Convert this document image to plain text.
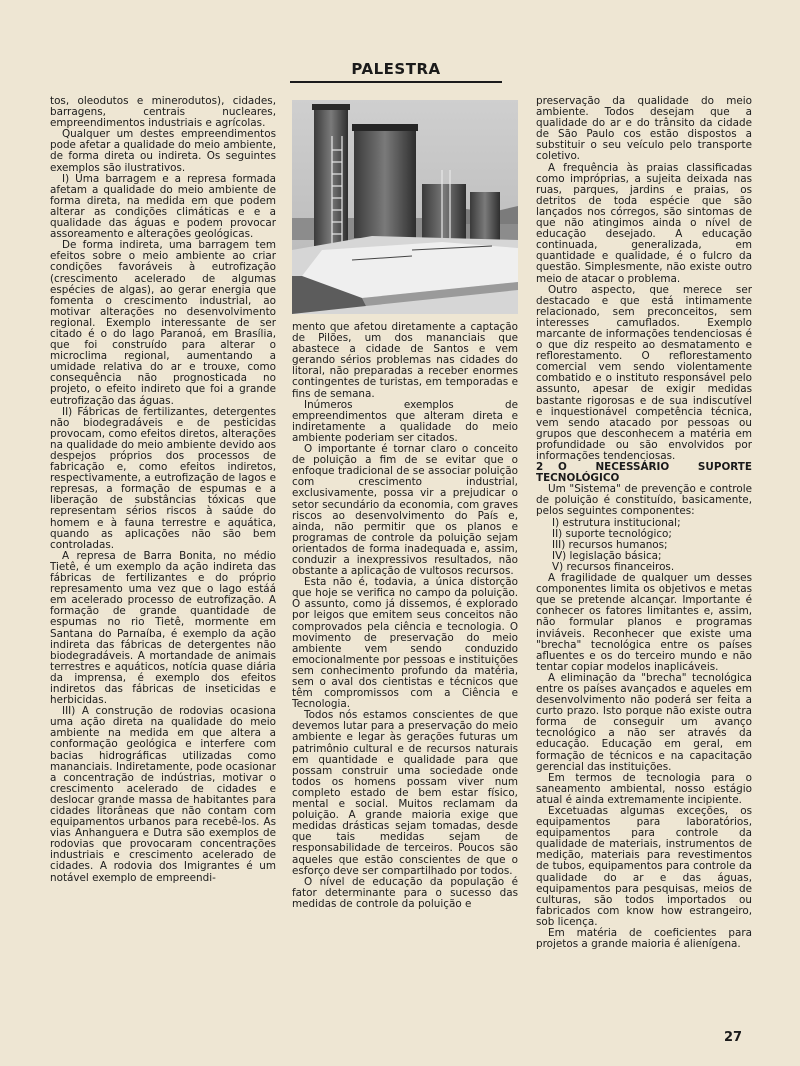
PALESTRA

tos, oleodutos e minerodutos), cidades, barragens, centrais nucleares, empreendimentos industriais e agrícolas.

Qualquer um destes empreendimentos pode afetar a qualidade do meio ambiente, de forma direta ou indireta. Os seguintes exemplos são ilustrativos.

I) Uma barragem e a represa formada afetam a qualidade do meio ambiente de forma direta, na medida em que podem alterar as condições climáticas e e a qualidade das águas e podem provocar assoreamento e alterações geológicas.

De forma indireta, uma barragem tem efeitos sobre o meio ambiente ao criar condições favoráveis à eutrofização (crescimento acelerado de algumas espécies de algas), ao gerar energia que fomenta o crescimento industrial, ao motivar alterações no desenvolvimento regional. Exemplo interessante de ser citado é o do lago Paranoá, em Brasília, que foi construído para alterar o microclima regional, aumentando a umidade relativa do ar e trouxe, como consequência não prognosticada no projeto, o efeito indireto que foi a grande eutrofização das águas.

II) Fábricas de fertilizantes, detergentes não biodegradáveis e de pesticidas provocam, como efeitos diretos, alterações na qualidade do meio ambiente devido aos despejos próprios dos processos de fabricação e, como efeitos indiretos, respectivamente, a eutrofização de lagos e represas, a formação de espumas e a liberação de substâncias tóxicas que representam sérios riscos à saúde do homem e à fauna terrestre e aquática, quando as aplicações não são bem controladas.

A represa de Barra Bonita, no médio Tietê, é um exemplo da ação indireta das fábricas de fertilizantes e do próprio represamento uma vez que o lago estáá em acelerado processo de eutrofização. A formação de grande quantidade de espumas no rio Tietê, mormente em Santana do Parnaíba, é exemplo da ação indireta das fábricas de detergentes não biodegradáveis. A mortandade de animais terrestres e aquáticos, notícia quase diária da imprensa, é exemplo dos efeitos indiretos das fábricas de inseticidas e herbicidas.

III) A construção de rodovias ocasiona uma ação direta na qualidade do meio ambiente na medida em que altera a conformação geológica e interfere com bacias hidrográficas utilizadas como mananciais. Indiretamente, pode ocasionar a concentração de indústrias, motivar o crescimento acelerado de cidades e deslocar grande massa de habitantes para cidades litorâneas que não contam com equipamentos urbanos para recebê-los. As vias Anhanguera e Dutra são exemplos de rodovias que provocaram concentrações industriais e crescimento acelerado de cidades. A rodovia dos Imigrantes é um notável exemplo de empreendi-

mento que afetou diretamente a captação de Pilões, um dos mananciais que abastece a cidade de Santos e vem gerando sérios problemas nas cidades do litoral, não preparadas a receber enormes contingentes de turistas, em temporadas e fins de semana.

Inúmeros exemplos de empreendimentos que alteram direta e indiretamente a qualidade do meio ambiente poderiam ser citados.

O importante é tornar claro o conceito de poluição a fim de se evitar que o enfoque tradicional de se associar poluição com crescimento industrial, exclusivamente, possa vir a prejudicar o setor secundário da economia, com graves riscos ao desenvolvimento do País e, ainda, não permitir que os planos e programas de controle da poluição sejam orientados de forma inadequada e, assim, conduzir a inexpressivos resultados, não obstante a aplicação de vultosos recursos.

Esta não é, todavia, a única distorção que hoje se verifica no campo da poluição. O assunto, como já dissemos, é explorado por leigos que emitem seus conceitos não comprovados pela ciência e tecnologia. O movimento de preservação do meio ambiente vem sendo conduzido emocionalmente por pessoas e instituições sem conhecimento profundo da matéria, sem o aval dos cientistas e técnicos que têm compromissos com a Ciência e Tecnologia.

Todos nós estamos conscientes de que devemos lutar para a preservação do meio ambiente e legar às gerações futuras um patrimônio cultural e de recursos naturais em quantidade e qualidade para que possam construir uma sociedade onde todos os homens possam viver num completo estado de bem estar físico, mental e social. Muitos reclamam da poluição. A grande maioria exige que medidas drásticas sejam tomadas, desde que tais medidas sejam de responsabilidade de terceiros. Poucos são aqueles que estão conscientes de que o esforço deve ser compartilhado por todos.

O nível de educação da população é fator determinante para o sucesso das medidas de controle da poluição e

preservação da qualidade do meio ambiente. Todos desejam que a qualidade do ar e do trânsito da cidade de São Paulo cos estão dispostos a substituir o seu veículo pelo transporte coletivo.

A frequência às praias classificadas como impróprias, a sujeita deixada nas ruas, parques, jardins e praias, os detritos de toda espécie que são lançados nos córregos, são sintomas de que não atingimos ainda o nível de educação desejado. A educação continuada, generalizada, em quantidade e qualidade, é o fulcro da questão. Simplesmente, não existe outro meio de atacar o problema.

Outro aspecto, que merece ser destacado e que está intimamente relacionado, sem preconceitos, sem interesses camuflados. Exemplo marcante de informações tendenciosas é o que diz respeito ao desmatamento e reflorestamento. O reflorestamento comercial vem sendo violentamente combatido e o instituto responsável pelo assunto, apesar de exigir medidas bastante rigorosas e de sua indiscutível e inquestionável competência técnica, vem sendo atacado por pessoas ou grupos que desconhecem a matéria em profundidade ou são envolvidos por informações tendenciosas.

2 O NECESSÁRIO SUPORTE TECNOLÓGICO

Um "Sistema" de prevenção e controle de poluição é constituído, basicamente, pelos seguintes componentes:

I) estrutura institucional;
II) suporte tecnológico;
III) recursos humanos;
IV) legislação básica;
V) recursos financeiros.

A fragilidade de qualquer um desses componentes limita os objetivos e metas que se pretende alcançar. Importante é conhecer os fatores limitantes e, assim, não formular planos e programas inviáveis. Reconhecer que existe uma "brecha" tecnológica entre os países afluentes e os do terceiro mundo e não tentar copiar modelos inaplicáveis.

A eliminação da "brecha" tecnológica entre os países avançados e aqueles em desenvolvimento não poderá ser feita a curto prazo. Isto porque não existe outra forma de conseguir um avanço tecnológico a não ser através da educação. Educação em geral, em formação de técnicos e na capacitação gerencial das instituições.

Em termos de tecnologia para o saneamento ambiental, nosso estágio atual é ainda extremamente incipiente.

Excetuadas algumas exceções, os equipamentos para laboratórios, equipamentos para controle da qualidade de materiais, instrumentos de medição, materiais para revestimentos de tubos, equipamentos para controle da qualidade do ar e das águas, equipamentos para pesquisas, meios de culturas, são todos importados ou fabricados com know how estrangeiro, sob licença.

Em matéria de coeficientes para projetos a grande maioria é alienígena.

27
